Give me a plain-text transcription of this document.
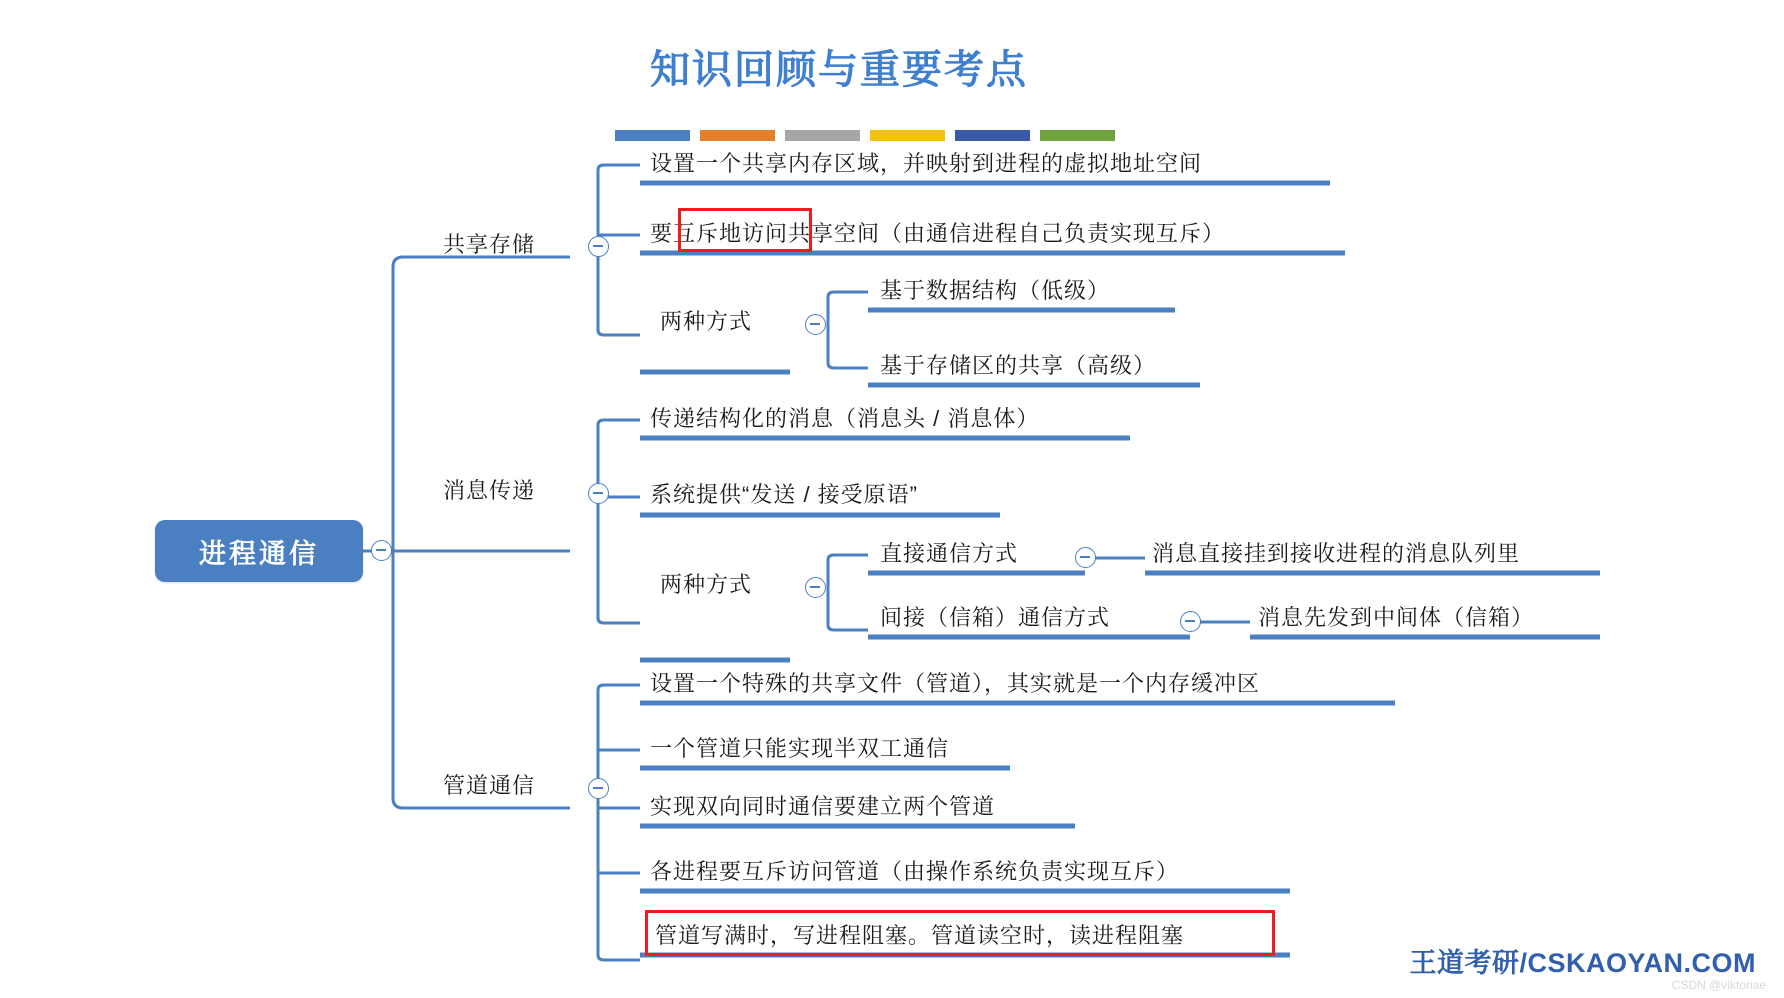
知识回顾与重要考点
进程通信
共享存储
设置一个共享内存区域，并映射到进程的虚拟地址空间
要互斥地访问共享空间（由通信进程自己负责实现互斥）
两种方式
基于数据结构（低级）
基于存储区的共享（高级）
消息传递
传递结构化的消息（消息头 / 消息体）
系统提供“发送 / 接受原语”
两种方式
直接通信方式	消息直接挂到接收进程的消息队列里
间接（信箱）通信方式	消息先发到中间体（信箱）
管道通信
设置一个特殊的共享文件（管道），其实就是一个内存缓冲区
一个管道只能实现半双工通信
实现双向同时通信要建立两个管道
各进程要互斥访问管道（由操作系统负责实现互斥）
管道写满时，写进程阻塞。管道读空时，读进程阻塞
王道考研/CSKAOYAN.COM
CSDN @viktoriae
